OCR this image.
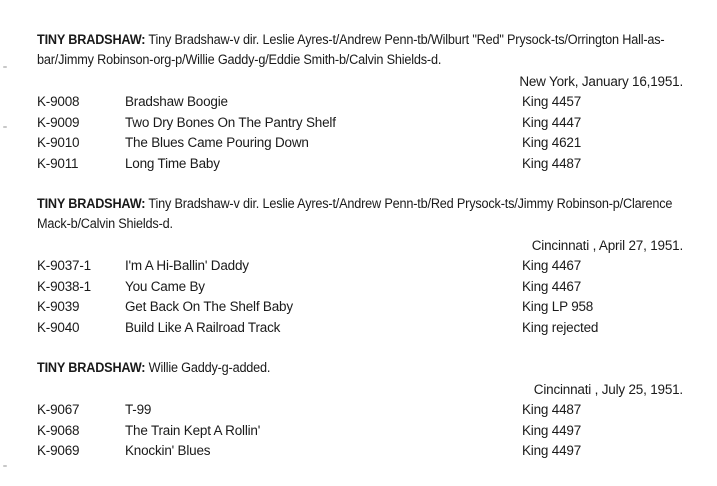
TINY BRADSHAW: Tiny Bradshaw-v dir. Leslie Ayres-t/Andrew Penn-tb/Wilburt "Red" Prysock-ts/Orrington Hall-as-bar/Jimmy Robinson-org-p/Willie Gaddy-g/Eddie Smith-b/Calvin Shields-d.
New York, January 16,1951.
K-9008	Bradshaw Boogie	King 4457
K-9009	Two Dry Bones On The Pantry Shelf	King 4447
K-9010	The Blues Came Pouring Down	King 4621
K-9011	Long Time Baby	King 4487
TINY BRADSHAW: Tiny Bradshaw-v dir. Leslie Ayres-t/Andrew Penn-tb/Red Prysock-ts/Jimmy Robinson-p/Clarence Mack-b/Calvin Shields-d.
Cincinnati , April 27, 1951.
K-9037-1	I'm A Hi-Ballin' Daddy	King 4467
K-9038-1	You Came By	King 4467
K-9039	Get Back On The Shelf Baby	King LP 958
K-9040	Build Like A Railroad Track	King rejected
TINY BRADSHAW: Willie Gaddy-g-added.
Cincinnati , July 25, 1951.
K-9067	T-99	King 4487
K-9068	The Train Kept A Rollin'	King 4497
K-9069	Knockin' Blues	King 4497
